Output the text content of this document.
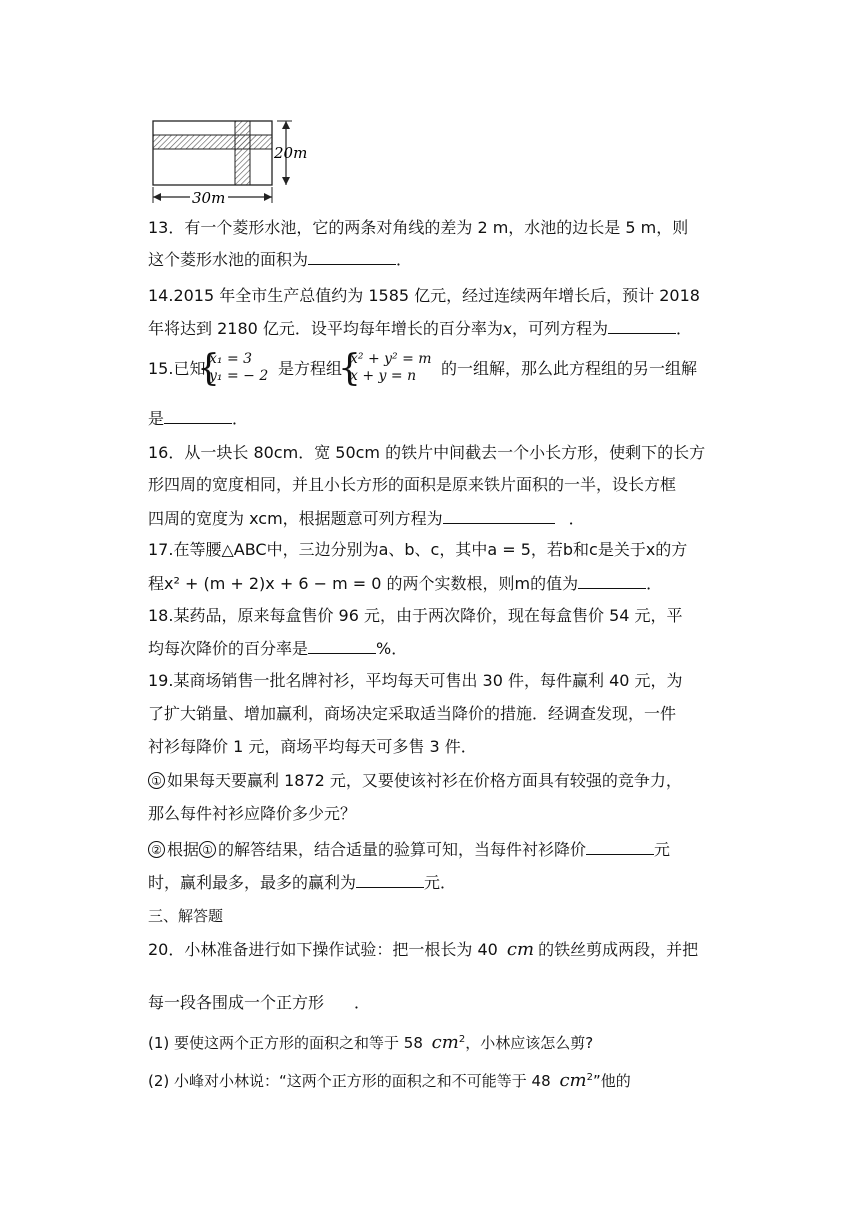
20m
30m
13．有一个菱形水池，它的两条对角线的差为 2 m，水池的边长是 5 m，则
这个菱形水池的面积为	．
14.2015 年全市生产总值约为 1585 亿元，经过连续两年增长后，预计 2018
年将达到 2180 亿元．设平均每年增长的百分率为x，可列方程为	．
15.已知
{
x₁ = 3
y₁ = − 2 是方程组
{
x² + y² = m
x + y = n 的一组解，那么此方程组的另一组解
是	．
16．从一块长 80cm．宽 50cm 的铁片中间截去一个小长方形，使剩下的长方
形四周的宽度相同，并且小长方形的面积是原来铁片面积的一半，设长方框
四周的宽度为 xcm，根据题意可列方程为	．
17.在等腰△ABC中，三边分别为a、b、c，其中a = 5，若b和c是关于x的方
程x² + (m + 2)x + 6 − m = 0 的两个实数根，则m的值为	．
18.某药品，原来每盒售价 96 元，由于两次降价，现在每盒售价 54 元，平
均每次降价的百分率是	%．
19.某商场销售一批名牌衬衫，平均每天可售出 30 件，每件赢利 40 元，为
了扩大销量、增加赢利，商场决定采取适当降价的措施．经调查发现，一件
衬衫每降价 1 元，商场平均每天可多售 3 件．
① 如果每天要赢利 1872 元，又要使该衬衫在价格方面具有较强的竞争力，
那么每件衬衫应降价多少元？
② 根据 ① 的解答结果，结合适量的验算可知，当每件衬衫降价	元
时，赢利最多，最多的赢利为	元．
三、解答题
20．小林准备进行如下操作试验：把一根长为 40 cm 的铁丝剪成两段，并把
每一段各围成一个正方形 ．
(1) 要使这两个正方形的面积之和等于 58 $cm^2$，小林应该怎么剪?
(2) 小峰对小林说：“这两个正方形的面积之和不可能等于 48 $cm^2$”他的
